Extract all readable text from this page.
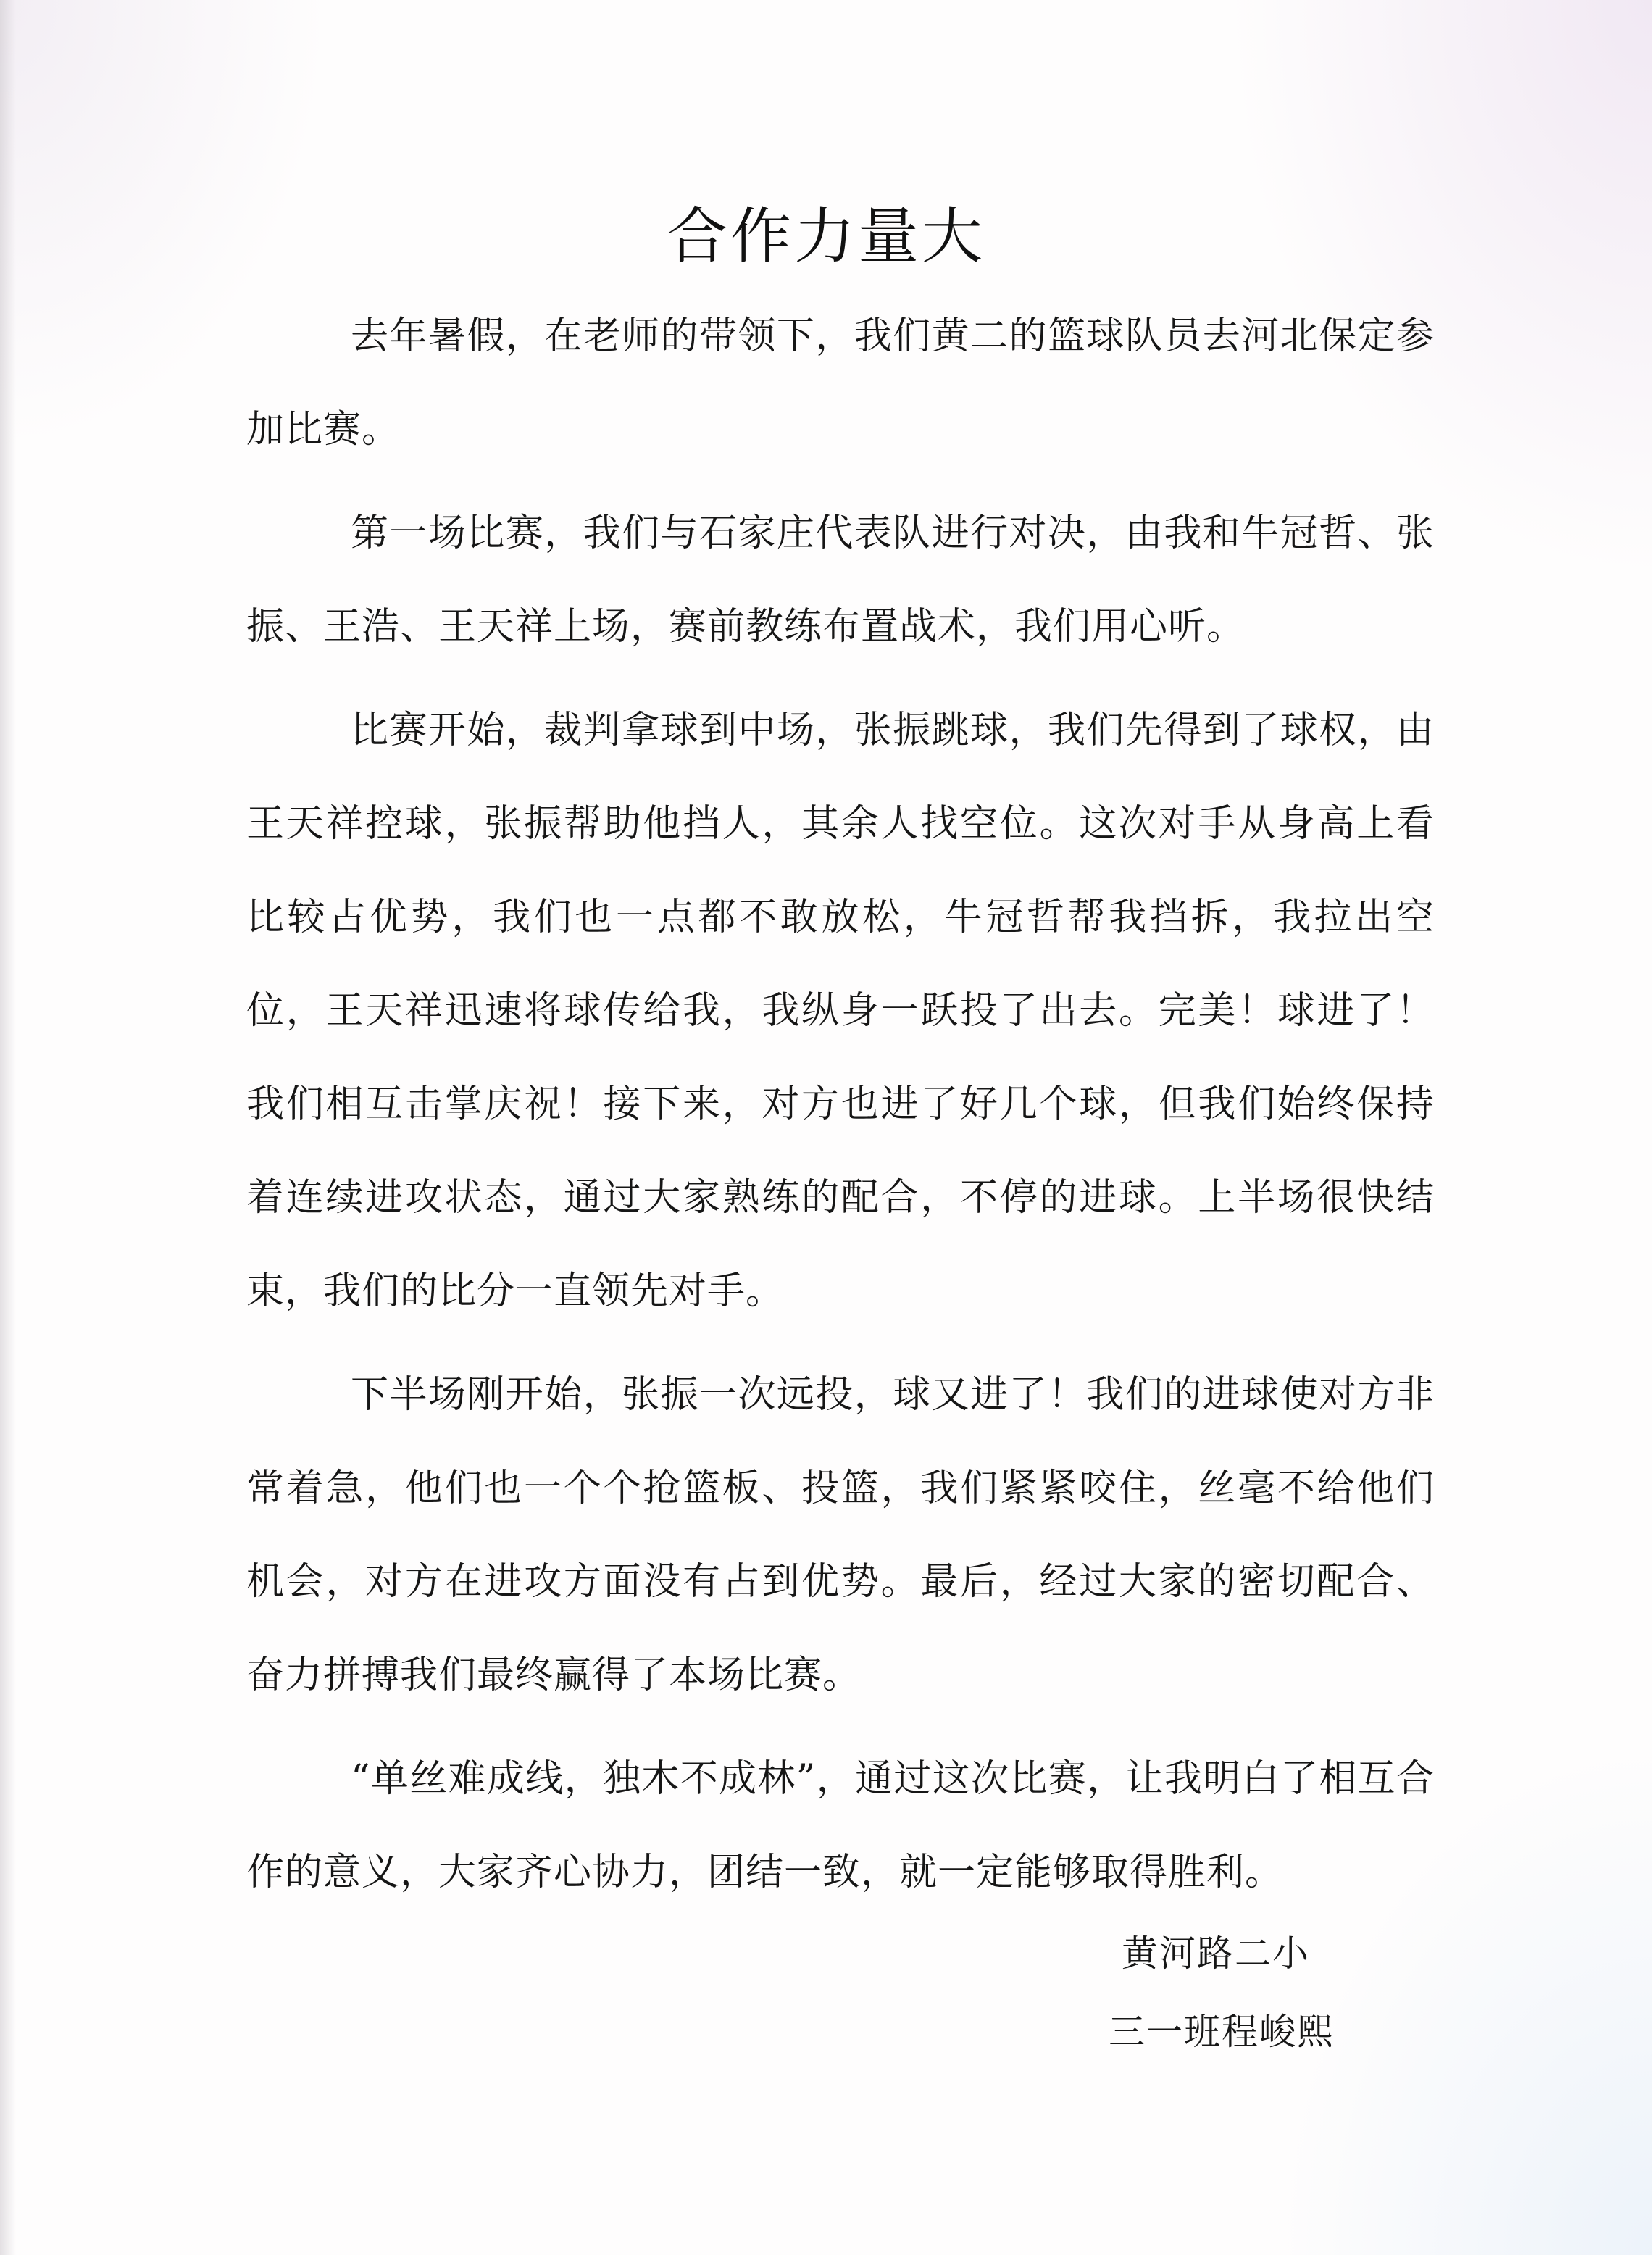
合作力量大

去年暑假，在老师的带领下，我们黄二的篮球队员去河北保定参加比赛。

第一场比赛，我们与石家庄代表队进行对决，由我和牛冠哲、张振、王浩、王天祥上场，赛前教练布置战术，我们用心听。

比赛开始，裁判拿球到中场，张振跳球，我们先得到了球权，由王天祥控球，张振帮助他挡人，其余人找空位。这次对手从身高上看比较占优势，我们也一点都不敢放松，牛冠哲帮我挡拆，我拉出空位，王天祥迅速将球传给我，我纵身一跃投了出去。完美！球进了！我们相互击掌庆祝！接下来，对方也进了好几个球，但我们始终保持着连续进攻状态，通过大家熟练的配合，不停的进球。上半场很快结束，我们的比分一直领先对手。

下半场刚开始，张振一次远投，球又进了！我们的进球使对方非常着急，他们也一个个抢篮板、投篮，我们紧紧咬住，丝毫不给他们机会，对方在进攻方面没有占到优势。最后，经过大家的密切配合、奋力拼搏我们最终赢得了本场比赛。

“单丝难成线，独木不成林”，通过这次比赛，让我明白了相互合作的意义，大家齐心协力，团结一致，就一定能够取得胜利。

黄河路二小
三一班程峻熙
